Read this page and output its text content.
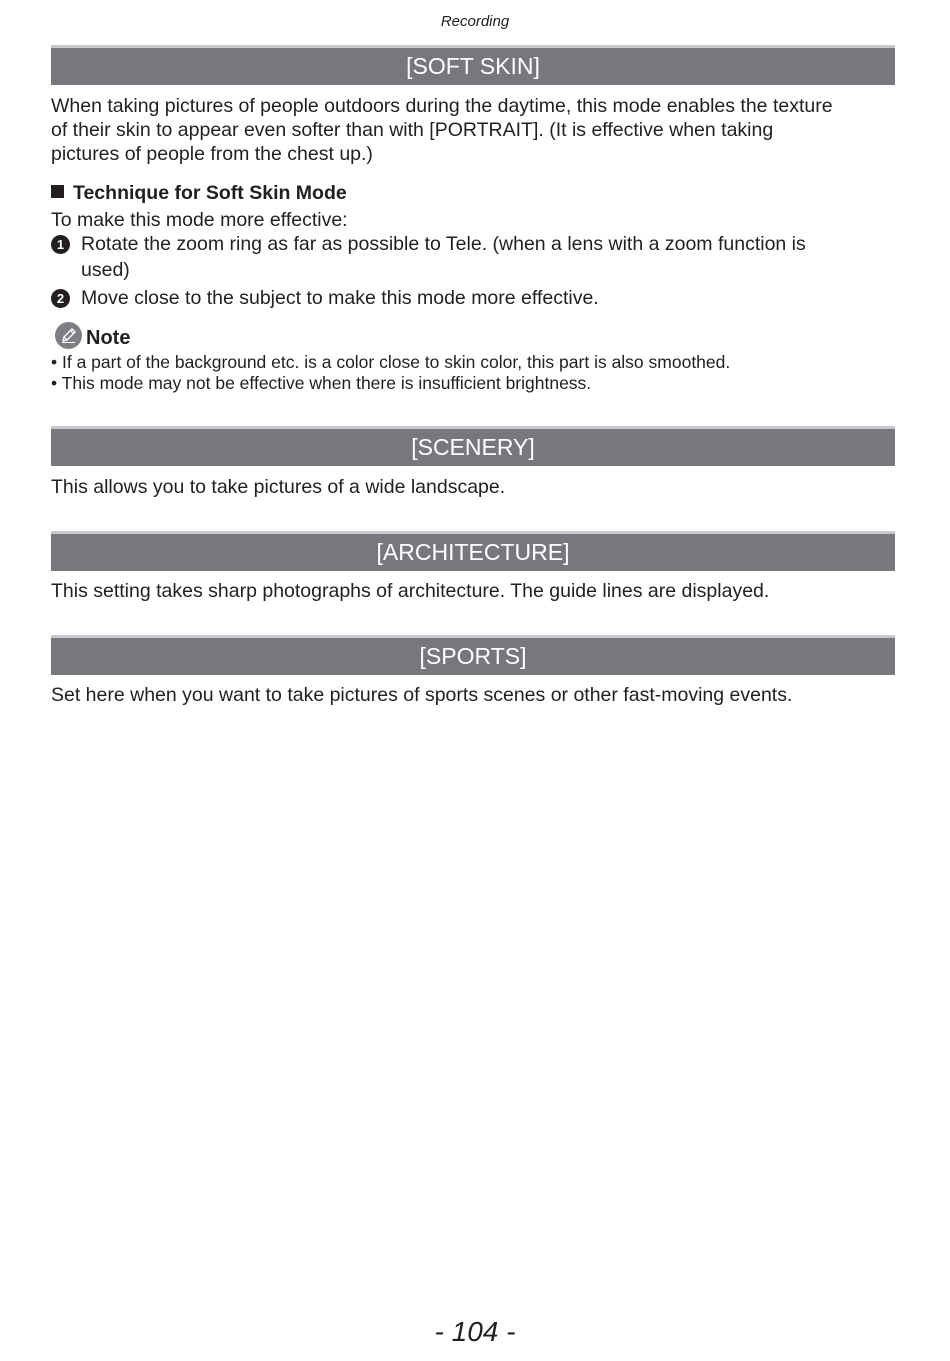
Recording
[SOFT SKIN]
When taking pictures of people outdoors during the daytime, this mode enables the texture
of their skin to appear even softer than with [PORTRAIT]. (It is effective when taking
pictures of people from the chest up.)
Technique for Soft Skin Mode
To make this mode more effective:
1 Rotate the zoom ring as far as possible to Tele. (when a lens with a zoom function is
used)
2 Move close to the subject to make this mode more effective.
Note
• If a part of the background etc. is a color close to skin color, this part is also smoothed.
• This mode may not be effective when there is insufficient brightness.
[SCENERY]
This allows you to take pictures of a wide landscape.
[ARCHITECTURE]
This setting takes sharp photographs of architecture. The guide lines are displayed.
[SPORTS]
Set here when you want to take pictures of sports scenes or other fast-moving events.
- 104 -
